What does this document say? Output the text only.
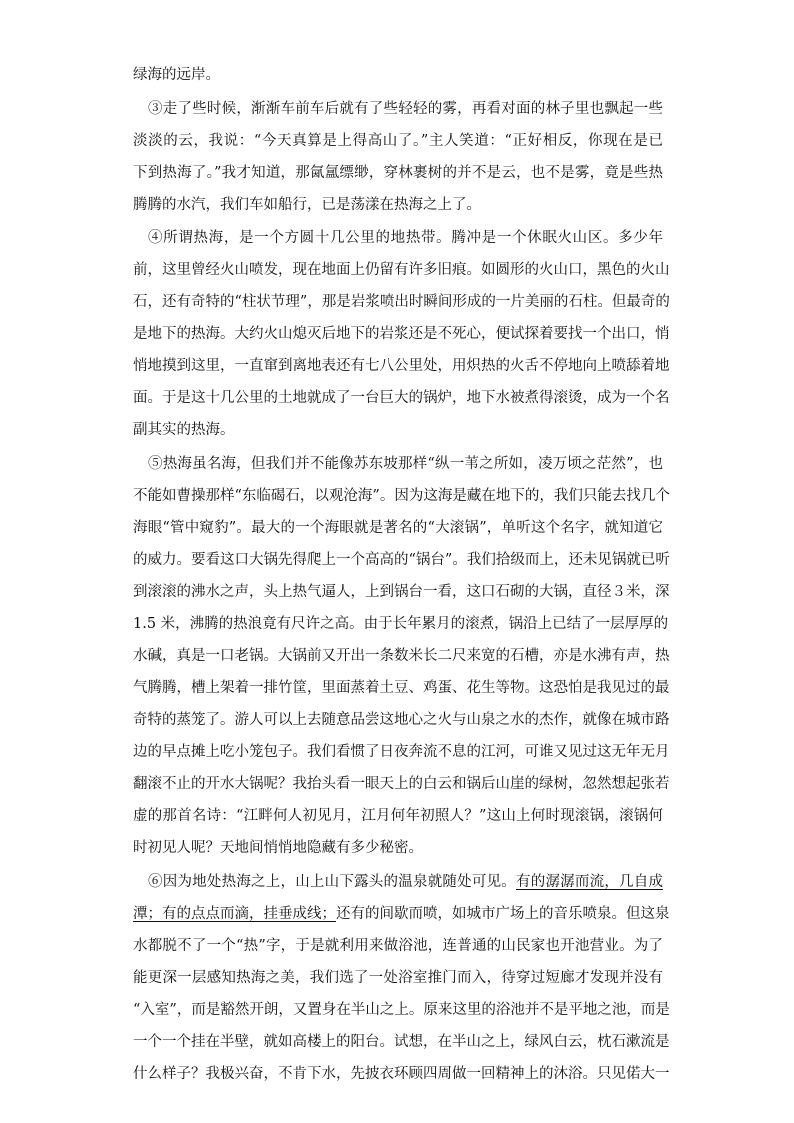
绿海的远岸。
③走了些时候，渐渐车前车后就有了些轻轻的雾，再看对面的林子里也飘起一些
淡淡的云，我说：“今天真算是上得高山了。”主人笑道：“正好相反，你现在是已
下到热海了。”我才知道，那氤氲缥缈，穿林裹树的并不是云，也不是雾，竟是些热
腾腾的水汽，我们车如船行，已是荡漾在热海之上了。
④所谓热海，是一个方圆十几公里的地热带。腾冲是一个休眠火山区。多少年
前，这里曾经火山喷发，现在地面上仍留有许多旧痕。如圆形的火山口，黑色的火山
石，还有奇特的“柱状节理”，那是岩浆喷出时瞬间形成的一片美丽的石柱。但最奇的
是地下的热海。大约火山熄灭后地下的岩浆还是不死心，便试探着要找一个出口，悄
悄地摸到这里，一直窜到离地表还有七八公里处，用炽热的火舌不停地向上喷舔着地
面。于是这十几公里的土地就成了一台巨大的锅炉，地下水被煮得滚烫，成为一个名
副其实的热海。
⑤热海虽名海，但我们并不能像苏东坡那样“纵一苇之所如，凌万顷之茫然”，也
不能如曹操那样“东临碣石，以观沧海”。因为这海是藏在地下的，我们只能去找几个
海眼“管中窥豹”。最大的一个海眼就是著名的“大滚锅”，单听这个名字，就知道它
的威力。要看这口大锅先得爬上一个高高的“锅台”。我们拾级而上，还未见锅就已听
到滚滚的沸水之声，头上热气逼人，上到锅台一看，这口石砌的大锅，直径３米，深
1.5 米，沸腾的热浪竟有尺许之高。由于长年累月的滚煮，锅沿上已结了一层厚厚的
水碱，真是一口老锅。大锅前又开出一条数米长二尺来宽的石槽，亦是水沸有声，热
气腾腾，槽上架着一排竹筐，里面蒸着土豆、鸡蛋、花生等物。这恐怕是我见过的最
奇特的蒸笼了。游人可以上去随意品尝这地心之火与山泉之水的杰作，就像在城市路
边的早点摊上吃小笼包子。我们看惯了日夜奔流不息的江河，可谁又见过这无年无月
翻滚不止的开水大锅呢？我抬头看一眼天上的白云和锅后山崖的绿树，忽然想起张若
虚的那首名诗：“江畔何人初见月，江月何年初照人？”这山上何时现滚锅，滚锅何
时初见人呢？天地间悄悄地隐藏有多少秘密。
⑥因为地处热海之上，山上山下露头的温泉就随处可见。有的潺潺而流，几自成
潭；有的点点而滴，挂垂成线；还有的间歇而喷，如城市广场上的音乐喷泉。但这泉
水都脱不了一个“热”字，于是就利用来做浴池，连普通的山民家也开池营业。为了
能更深一层感知热海之美，我们选了一处浴室推门而入，待穿过短廊才发现并没有
“入室”，而是豁然开朗，又置身在半山之上。原来这里的浴池并不是平地之池，而是
一个一个挂在半壁，就如高楼上的阳台。试想，在半山之上，绿风白云，枕石漱流是
什么样子？我极兴奋，不肯下水，先披衣环顾四周做一回精神上的沐浴。只见偌大一
